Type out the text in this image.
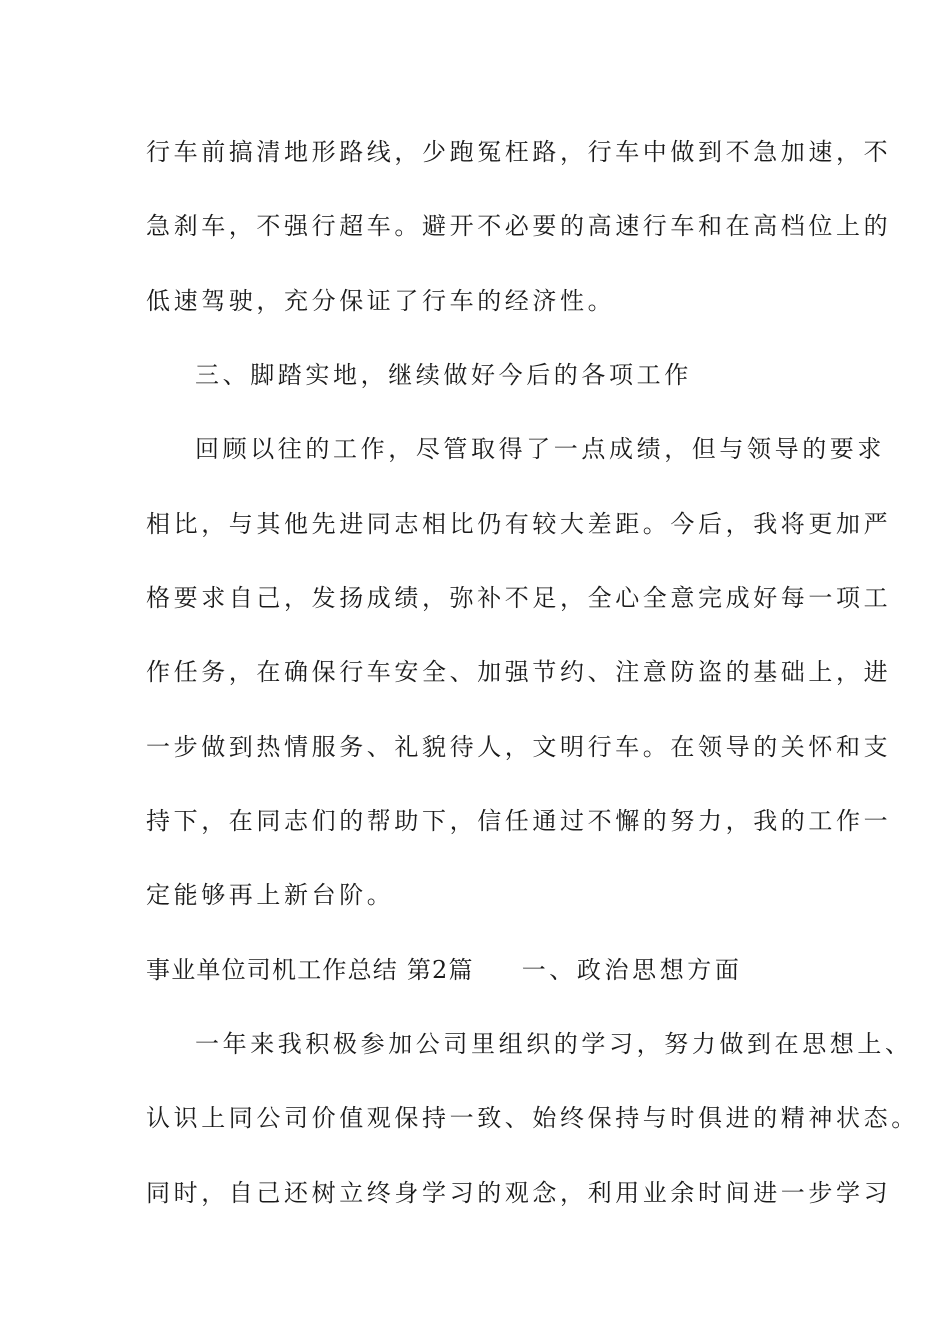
行车前搞清地形路线，少跑冤枉路，行车中做到不急加速，不
急刹车，不强行超车。避开不必要的高速行车和在高档位上的
低速驾驶，充分保证了行车的经济性。
三、脚踏实地，继续做好今后的各项工作
回顾以往的工作，尽管取得了一点成绩，但与领导的要求
相比，与其他先进同志相比仍有较大差距。今后，我将更加严
格要求自己，发扬成绩，弥补不足，全心全意完成好每一项工
作任务，在确保行车安全、加强节约、注意防盗的基础上，进
一步做到热情服务、礼貌待人，文明行车。在领导的关怀和支
持下，在同志们的帮助下，信任通过不懈的努力，我的工作一
定能够再上新台阶。
事业单位司机工作总结 第2篇 一、政治思想方面
一年来我积极参加公司里组织的学习，努力做到在思想上、
认识上同公司价值观保持一致、始终保持与时俱进的精神状态。
同时，自己还树立终身学习的观念，利用业余时间进一步学习
